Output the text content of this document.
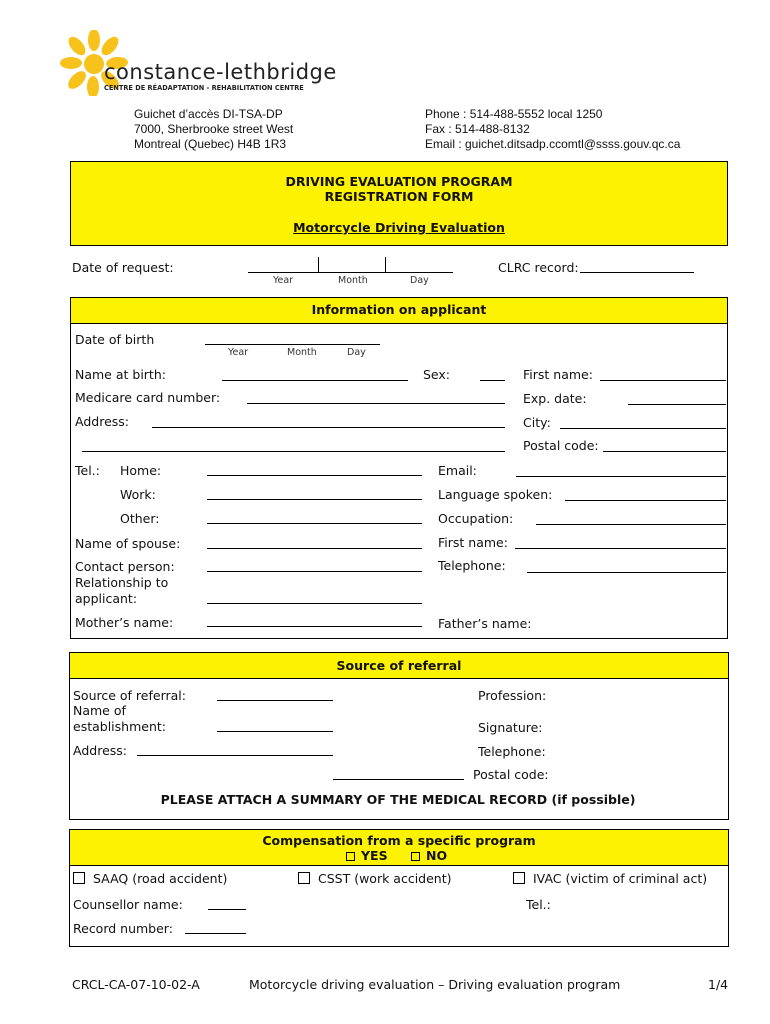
constance-lethbridge
CENTRE DE RÉADAPTATION - REHABILITATION CENTRE
Guichet d’accès DI-TSA-DP
7000, Sherbrooke street West
Montreal (Quebec) H4B 1R3
Phone : 514-488-5552 local 1250
Fax : 514-488-8132
Email : guichet.ditsadp.ccomtl@ssss.gouv.qc.ca
DRIVING EVALUATION PROGRAM
REGISTRATION FORM
Motorcycle Driving Evaluation
Date of request:
Year	Month	Day
CLRC record:
Information on applicant
Date of birth
Year	Month	Day
Name at birth:	Sex:	First name:
Medicare card number:	Exp. date:
Address:	City:
Postal code:
Tel.: Home:	Email:
Work:	Language spoken:
Other:	Occupation:
Name of spouse:	First name:
Contact person:	Telephone:
Relationship to
applicant:
Mother’s name:	Father’s name:
Source of referral
Source of referral:	Profession:
Name of
establishment:	Signature:
Address:	Telephone:
Postal code:
PLEASE ATTACH A SUMMARY OF THE MEDICAL RECORD (if possible)
Compensation from a specific program
YES	NO
SAAQ (road accident)	CSST (work accident)	IVAC (victim of criminal act)
Counsellor name:	Tel.:
Record number:
CRCL-CA-07-10-02-A	Motorcycle driving evaluation – Driving evaluation program	1/4
